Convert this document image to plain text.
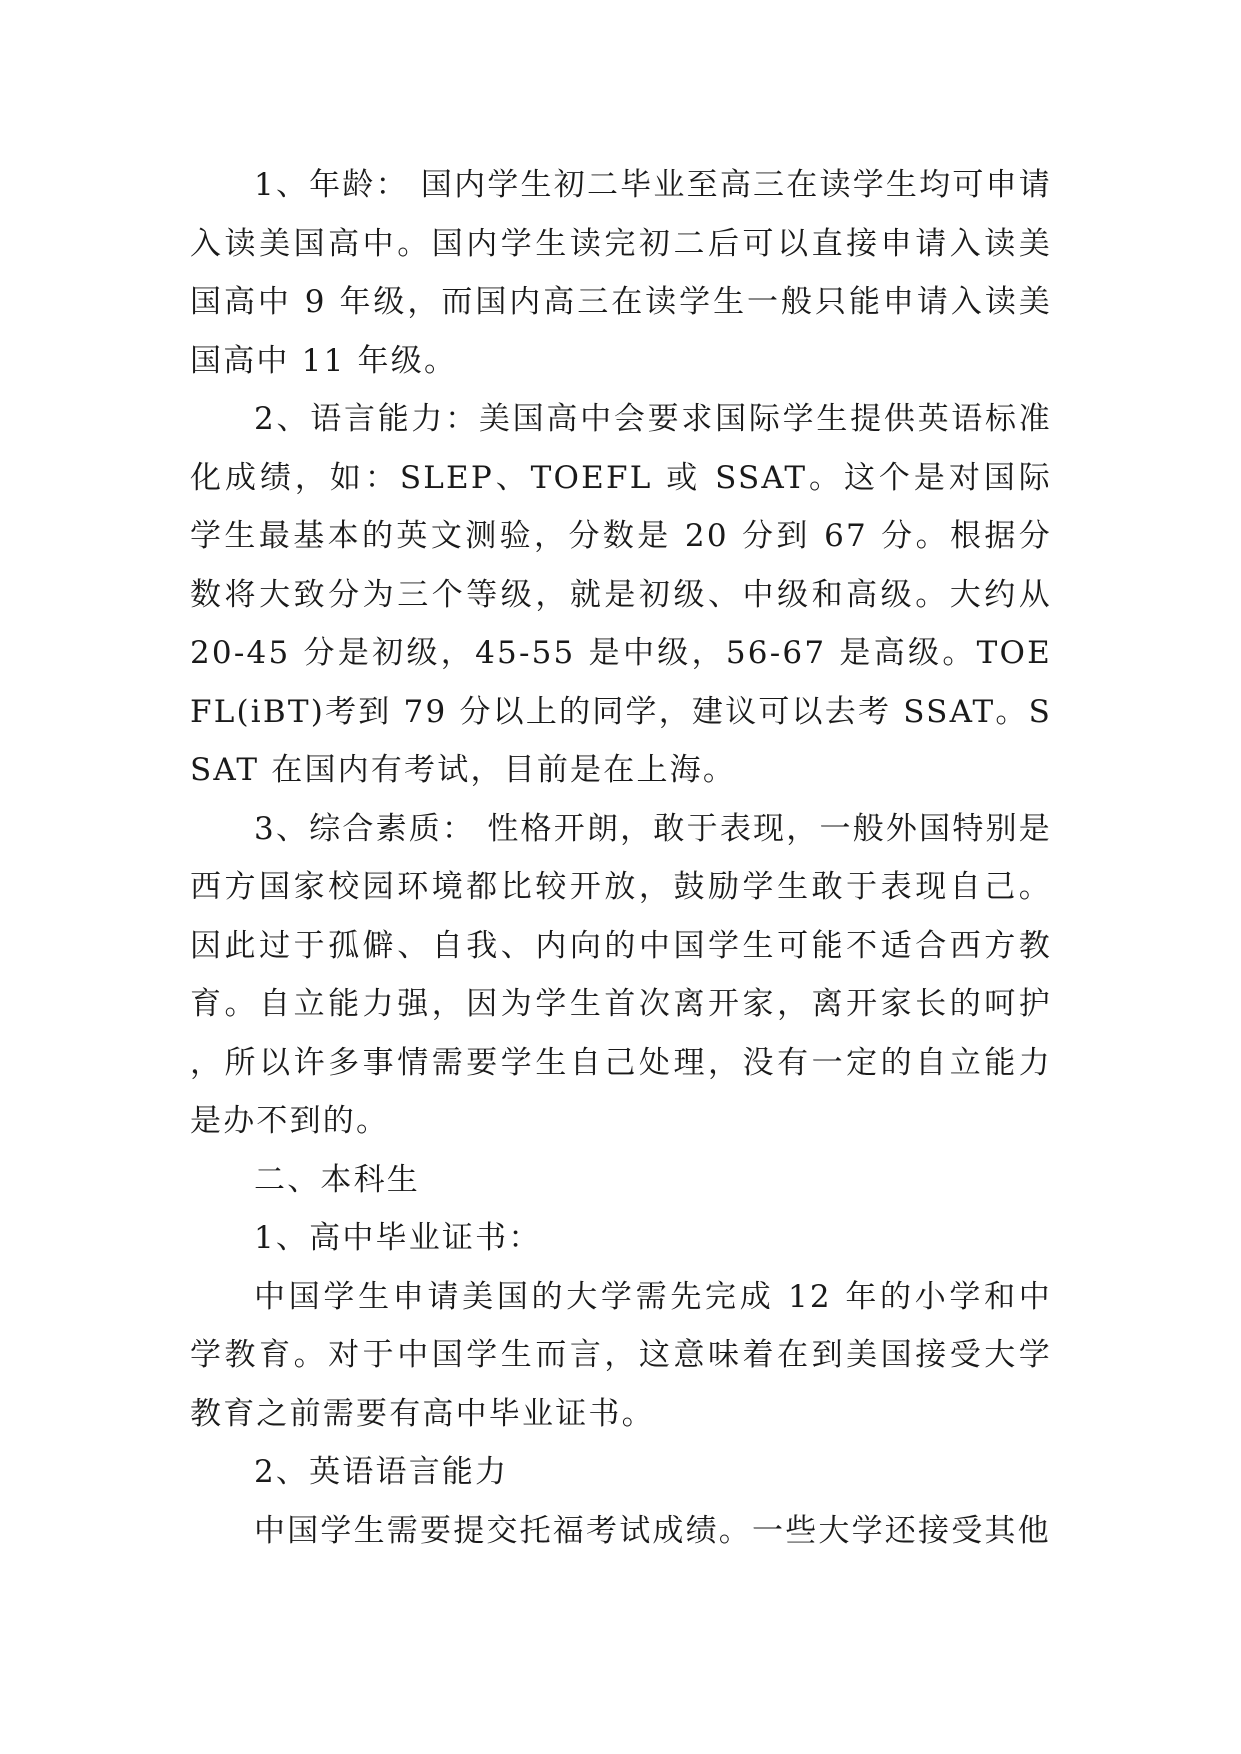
1、年龄： 国内学生初二毕业至高三在读学生均可申请入读美国高中。国内学生读完初二后可以直接申请入读美国高中 9 年级，而国内高三在读学生一般只能申请入读美国高中 11 年级。

2、语言能力：美国高中会要求国际学生提供英语标准化成绩，如：SLEP、TOEFL 或 SSAT。这个是对国际学生最基本的英文测验，分数是 20 分到 67 分。根据分数将大致分为三个等级，就是初级、中级和高级。大约从 20-45 分是初级，45-55 是中级，56-67 是高级。TOEFL(iBT)考到 79 分以上的同学，建议可以去考 SSAT。SSAT 在国内有考试，目前是在上海。

3、综合素质： 性格开朗，敢于表现，一般外国特别是西方国家校园环境都比较开放，鼓励学生敢于表现自己。因此过于孤僻、自我、内向的中国学生可能不适合西方教育。自立能力强，因为学生首次离开家，离开家长的呵护，所以许多事情需要学生自己处理，没有一定的自立能力是办不到的。

二、本科生

1、高中毕业证书：

中国学生申请美国的大学需先完成 12 年的小学和中学教育。对于中国学生而言，这意味着在到美国接受大学教育之前需要有高中毕业证书。

2、英语语言能力

中国学生需要提交托福考试成绩。一些大学还接受其他
